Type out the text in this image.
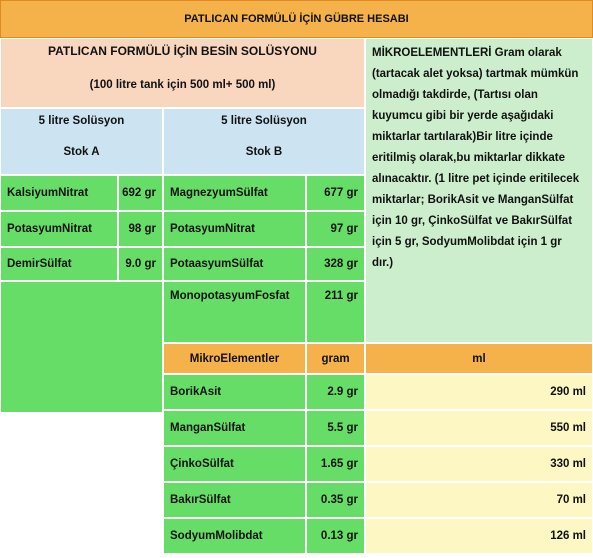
PATLICAN FORMÜLÜ İÇİN GÜBRE HESABI
PATLICAN FORMÜLÜ İÇİN BESİN SOLÜSYONU
(100 litre tank için 500 ml+ 500 ml)
MİKROELEMENTLERİ Gram olarak (tartacak alet yoksa) tartmak mümkün olmadığı takdirde, (Tartısı olan kuyumcu gibi bir yerde aşağıdaki miktarlar tartılarak)Bir litre içinde eritilmiş olarak,bu miktarlar dikkate alınacaktır. (1 litre pet içinde eritilecek miktarlar; BorikAsit ve ManganSülfat için 10 gr, ÇinkoSülfat ve BakırSülfat için 5 gr, SodyumMolibdat için 1 gr dır.)
5 litre Solüsyon
Stok A
5 litre Solüsyon
Stok B
KalsiyumNitrat	692 gr
PotasyumNitrat	98 gr
DemirSülfat	9.0 gr
MagnezyumSülfat	677 gr
PotasyumNitrat	97 gr
PotaasyumSülfat	328 gr
MonopotasyumFosfat	211 gr
MikroElementler	gram	ml
BorikAsit	2.9 gr	290 ml
ManganSülfat	5.5 gr	550 ml
ÇinkoSülfat	1.65 gr	330 ml
BakırSülfat	0.35 gr	70 ml
SodyumMolibdat	0.13 gr	126 ml
